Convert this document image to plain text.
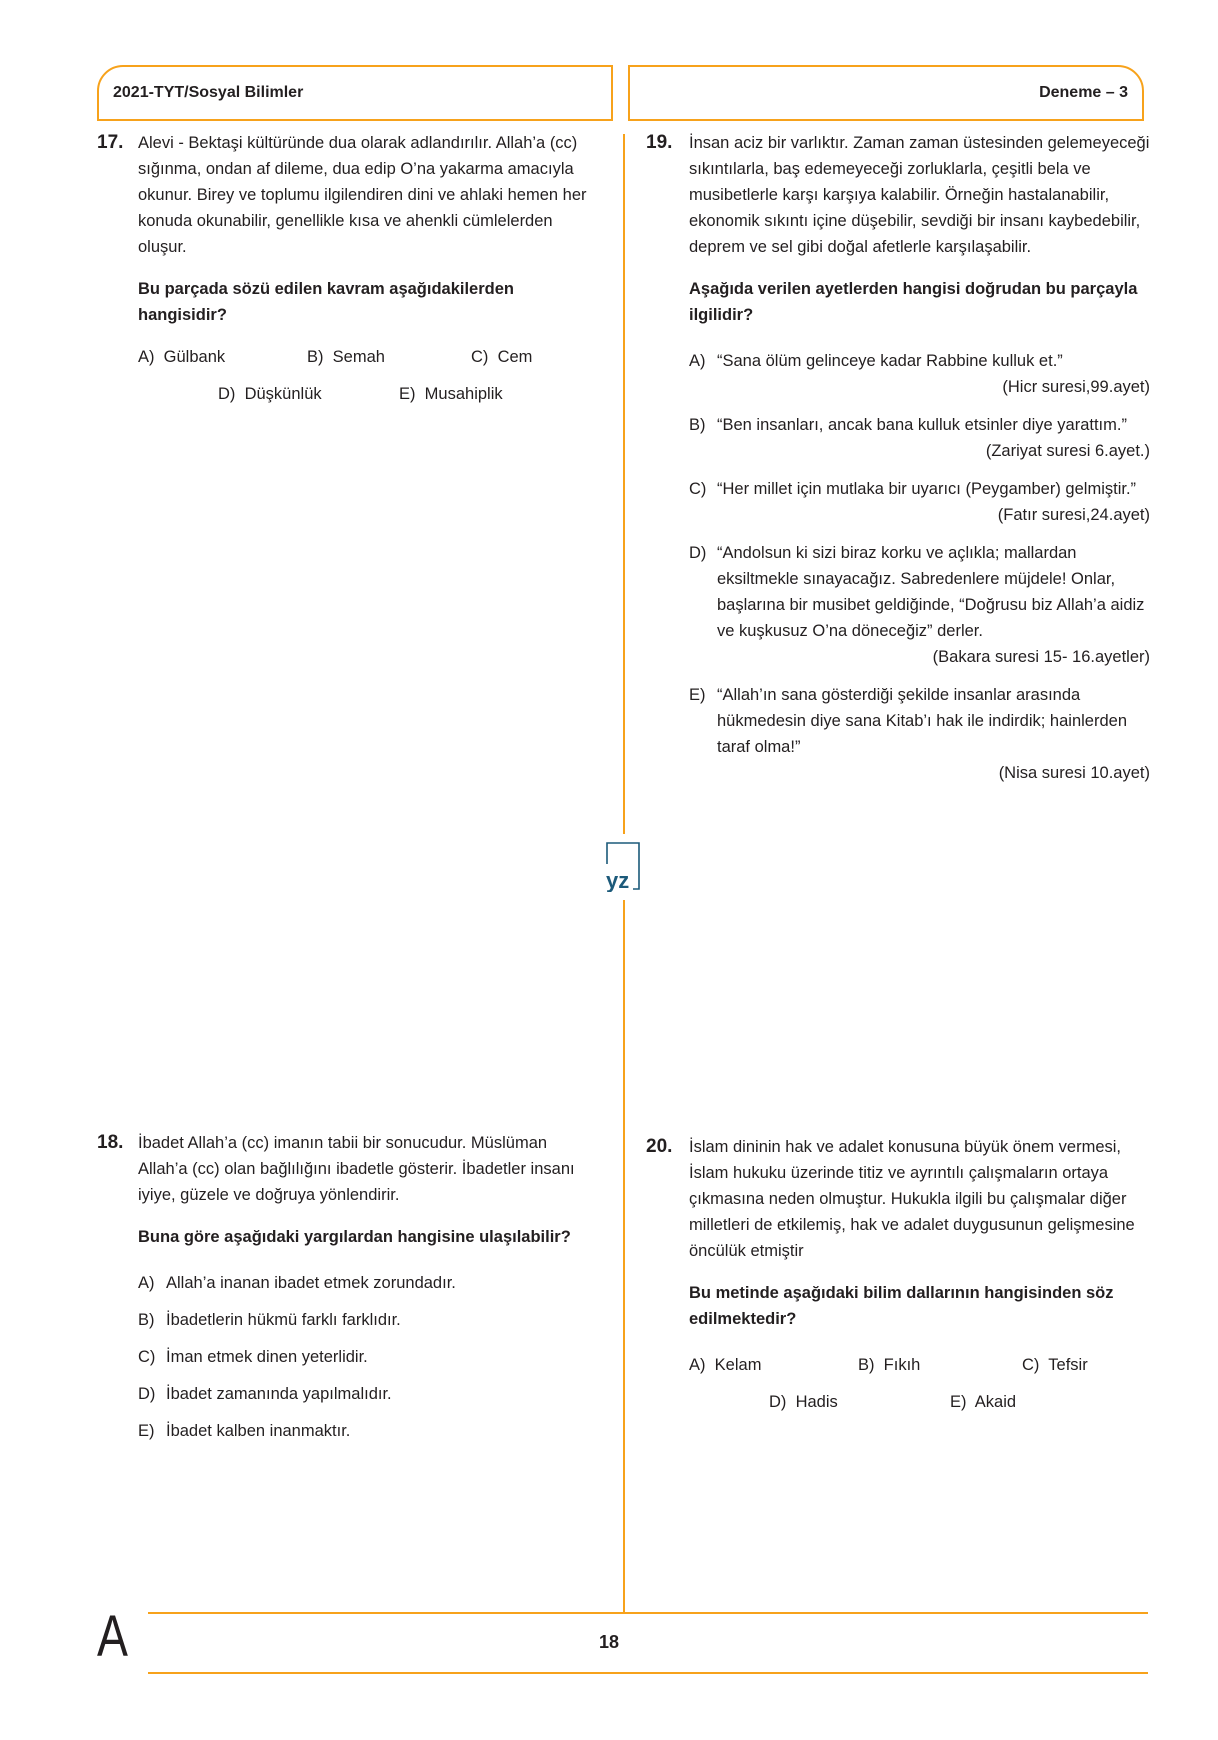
2021-TYT/Sosyal Bilimler	Deneme – 3
yz
17. Alevi - Bektaşi kültüründe dua olarak adlandırılır. Allah’a (cc) sığınma, ondan af dileme, dua edip O’na yakarma amacıyla okunur. Birey ve toplumu ilgilendiren dini ve ahlaki hemen her konuda okunabilir, genellikle kısa ve ahenkli cümlelerden oluşur.

Bu parçada sözü edilen kavram aşağıdakilerden hangisidir?

A) Gülbank	B) Semah	C) Cem
D) Düşkünlük	E) Musahiplik
19. İnsan aciz bir varlıktır. Zaman zaman üstesinden gelemeyeceği sıkıntılarla, baş edemeyeceği zorluklarla, çeşitli bela ve musibetlerle karşı karşıya kalabilir. Örneğin hastalanabilir, ekonomik sıkıntı içine düşebilir, sevdiği bir insanı kaybedebilir, deprem ve sel gibi doğal afetlerle karşılaşabilir.

Aşağıda verilen ayetlerden hangisi doğrudan bu parçayla ilgilidir?

A) “Sana ölüm gelinceye kadar Rabbine kulluk et.”
(Hicr suresi,99.ayet)
B) “Ben insanları, ancak bana kulluk etsinler diye yarattım.”
(Zariyat suresi 6.ayet.)
C) “Her millet için mutlaka bir uyarıcı (Peygamber) gelmiştir.”
(Fatır suresi,24.ayet)
D) “Andolsun ki sizi biraz korku ve açlıkla; mallardan eksiltmekle sınayacağız. Sabredenlere müjdele! Onlar, başlarına bir musibet geldiğinde, “Doğrusu biz Allah’a aidiz ve kuşkusuz O’na döneceğiz” derler.
(Bakara suresi 15- 16.ayetler)
E) “Allah’ın sana gösterdiği şekilde insanlar arasında hükmedesin diye sana Kitab’ı hak ile indirdik; hainlerden taraf olma!”
(Nisa suresi 10.ayet)
18. İbadet Allah’a (cc) imanın tabii bir sonucudur. Müslüman Allah’a (cc) olan bağlılığını ibadetle gösterir. İbadetler insanı iyiye, güzele ve doğruya yönlendirir.

Buna göre aşağıdaki yargılardan hangisine ulaşılabilir?

A) Allah’a inanan ibadet etmek zorundadır.
B) İbadetlerin hükmü farklı farklıdır.
C) İman etmek dinen yeterlidir.
D) İbadet zamanında yapılmalıdır.
E) İbadet kalben inanmaktır.
20. İslam dininin hak ve adalet konusuna büyük önem vermesi, İslam hukuku üzerinde titiz ve ayrıntılı çalışmaların ortaya çıkmasına neden olmuştur. Hukukla ilgili bu çalışmalar diğer milletleri de etkilemiş, hak ve adalet duygusunun gelişmesine öncülük etmiştir

Bu metinde aşağıdaki bilim dallarının hangisinden söz edilmektedir?

A) Kelam	B) Fıkıh	C) Tefsir
D) Hadis	E) Akaid
A	18
